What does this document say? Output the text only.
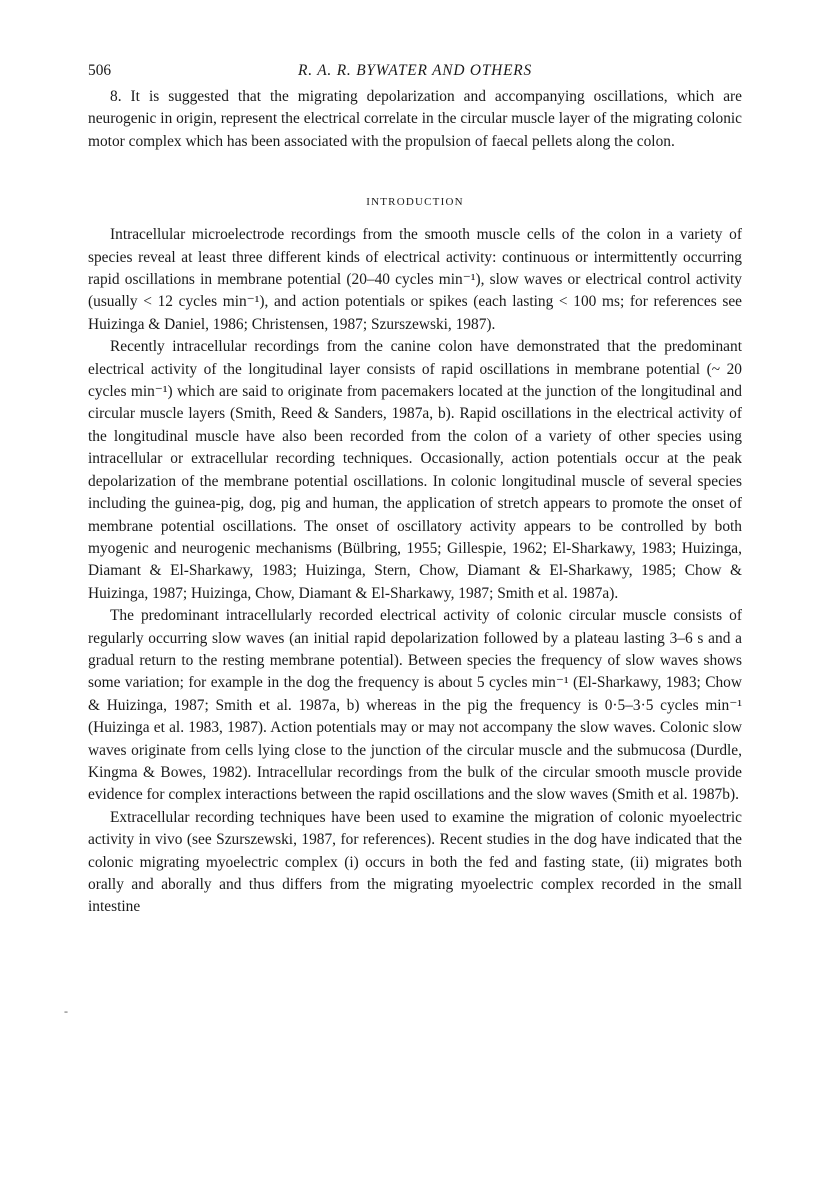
506	R. A. R. BYWATER AND OTHERS

8. It is suggested that the migrating depolarization and accompanying oscillations, which are neurogenic in origin, represent the electrical correlate in the circular muscle layer of the migrating colonic motor complex which has been associated with the propulsion of faecal pellets along the colon.

INTRODUCTION

Intracellular microelectrode recordings from the smooth muscle cells of the colon in a variety of species reveal at least three different kinds of electrical activity: continuous or intermittently occurring rapid oscillations in membrane potential (20–40 cycles min⁻¹), slow waves or electrical control activity (usually < 12 cycles min⁻¹), and action potentials or spikes (each lasting < 100 ms; for references see Huizinga & Daniel, 1986; Christensen, 1987; Szurszewski, 1987).

Recently intracellular recordings from the canine colon have demonstrated that the predominant electrical activity of the longitudinal layer consists of rapid oscillations in membrane potential (~ 20 cycles min⁻¹) which are said to originate from pacemakers located at the junction of the longitudinal and circular muscle layers (Smith, Reed & Sanders, 1987a, b). Rapid oscillations in the electrical activity of the longitudinal muscle have also been recorded from the colon of a variety of other species using intracellular or extracellular recording techniques. Occasionally, action potentials occur at the peak depolarization of the membrane potential oscillations. In colonic longitudinal muscle of several species including the guinea-pig, dog, pig and human, the application of stretch appears to promote the onset of membrane potential oscillations. The onset of oscillatory activity appears to be controlled by both myogenic and neurogenic mechanisms (Bülbring, 1955; Gillespie, 1962; El-Sharkawy, 1983; Huizinga, Diamant & El-Sharkawy, 1983; Huizinga, Stern, Chow, Diamant & El-Sharkawy, 1985; Chow & Huizinga, 1987; Huizinga, Chow, Diamant & El-Sharkawy, 1987; Smith et al. 1987a).

The predominant intracellularly recorded electrical activity of colonic circular muscle consists of regularly occurring slow waves (an initial rapid depolarization followed by a plateau lasting 3–6 s and a gradual return to the resting membrane potential). Between species the frequency of slow waves shows some variation; for example in the dog the frequency is about 5 cycles min⁻¹ (El-Sharkawy, 1983; Chow & Huizinga, 1987; Smith et al. 1987a, b) whereas in the pig the frequency is 0·5–3·5 cycles min⁻¹ (Huizinga et al. 1983, 1987). Action potentials may or may not accompany the slow waves. Colonic slow waves originate from cells lying close to the junction of the circular muscle and the submucosa (Durdle, Kingma & Bowes, 1982). Intracellular recordings from the bulk of the circular smooth muscle provide evidence for complex interactions between the rapid oscillations and the slow waves (Smith et al. 1987b).

Extracellular recording techniques have been used to examine the migration of colonic myoelectric activity in vivo (see Szurszewski, 1987, for references). Recent studies in the dog have indicated that the colonic migrating myoelectric complex (i) occurs in both the fed and fasting state, (ii) migrates both orally and aborally and thus differs from the migrating myoelectric complex recorded in the small intestine

-
